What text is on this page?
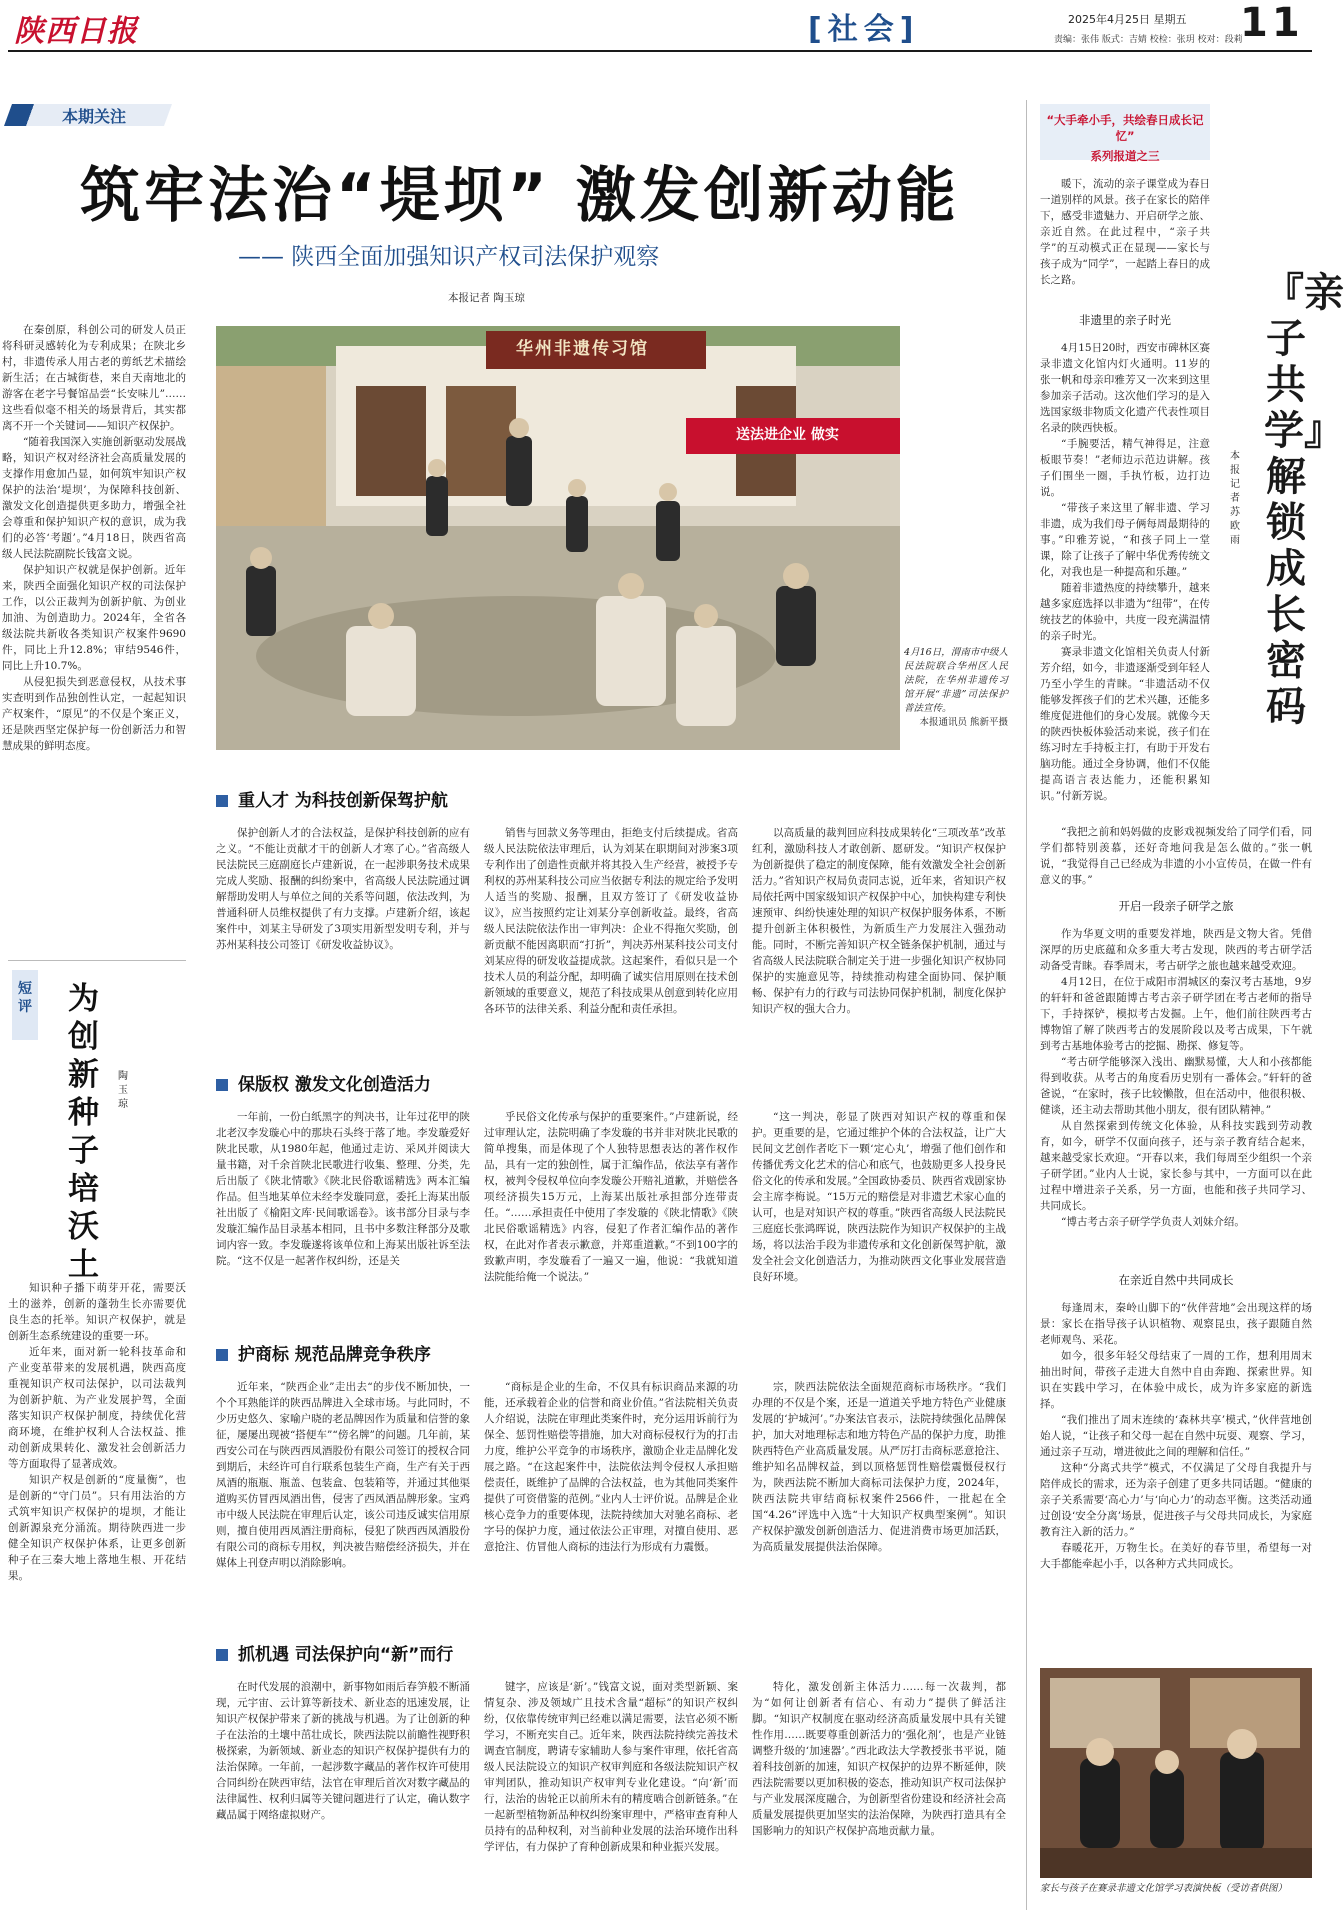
陕西日报	[社会]	2025年4月25日 星期五
责编：张伟 版式：吉婧 校检：张玥 校对：段莉
11
本期关注
筑牢法治“堤坝” 激发创新动能
—— 陕西全面加强知识产权司法保护观察
本报记者 陶玉琼

在秦创原，科创公司的研发人员正将科研灵感转化为专利成果；在陕北乡村，非遗传承人用古老的剪纸艺术描绘新生活；在古城街巷，来自天南地北的游客在老字号餐馆品尝“长安味儿”……这些看似毫不相关的场景背后，其实都离不开一个关键词——知识产权保护。

“随着我国深入实施创新驱动发展战略，知识产权对经济社会高质量发展的支撑作用愈加凸显，如何筑牢知识产权保护的法治‘堤坝’，为保障科技创新、激发文化创造提供更多助力，增强全社会尊重和保护知识产权的意识，成为我们的必答‘考题’。”4月18日，陕西省高级人民法院副院长钱富文说。

保护知识产权就是保护创新。近年来，陕西全面强化知识产权的司法保护工作，以公正裁判为创新护航、为创业加油、为创造助力。2024年，全省各级法院共新收各类知识产权案件9690件，同比上升12.8%；审结9546件，同比上升10.7%。

从侵犯损失到恶意侵权，从技术事实查明到作品独创性认定，一起起知识产权案件，“原见”的不仅是个案正义，还是陕西坚定保护每一份创新活力和智慧成果的鲜明态度。

华州非遗传习馆
送法进企业 做实
4月16日，渭南市中级人民法院联合华州区人民法院，在华州非遗传习馆开展“非遗”司法保护普法宣传。
本报通讯员 熊新平摄
短评 为创新种子培沃土
陶玉琼

知识种子播下萌芽开花，需要沃土的滋养，创新的蓬勃生长亦需要优良生态的托举。知识产权保护，就是创新生态系统建设的重要一环。

近年来，面对新一轮科技革命和产业变革带来的发展机遇，陕西高度重视知识产权司法保护，以司法裁判为创新护航、为产业发展护驾，全面落实知识产权保护制度，持续优化营商环境，在维护权利人合法权益、推动创新成果转化、激发社会创新活力等方面取得了显著成效。

知识产权是创新的“度量衡”，也是创新的“守门员”。只有用法治的方式筑牢知识产权保护的堤坝，才能让创新源泉充分涌流。期待陕西进一步健全知识产权保护体系，让更多创新种子在三秦大地上落地生根、开花结果。

重人才 为科技创新保驾护航

保护创新人才的合法权益，是保护科技创新的应有之义。“不能让贡献才干的创新人才寒了心。”省高级人民法院民三庭副庭长卢建新说，在一起涉职务技术成果完成人奖励、报酬的纠纷案中，省高级人民法院通过调解帮助发明人与单位之间的关系等问题，依法改判，为普通科研人员维权提供了有力支撑。卢建新介绍，该起案件中，刘某主导研发了3项实用新型发明专利，并与苏州某科技公司签订《研发收益协议》。

销售与回款义务等理由，拒绝支付后续提成。省高级人民法院依法审理后，认为刘某在职期间对涉案3项专利作出了创造性贡献并将其投入生产经营，被授予专利权的苏州某科技公司应当依据专利法的规定给予发明人适当的奖励、报酬，且双方签订了《研发收益协议》，应当按照约定让刘某分享创新收益。最终，省高级人民法院依法作出一审判决：企业不得拖欠奖励，创新贡献不能因离职而“打折”，判决苏州某科技公司支付刘某应得的研发收益提成款。这起案件，看似只是一个技术人员的利益分配，却明确了诚实信用原则在技术创新领域的重要意义，规范了科技成果从创意到转化应用各环节的法律关系、利益分配和责任承担。

以高质量的裁判回应科技成果转化“三项改革”改革红利，激励科技人才敢创新、愿研发。“知识产权保护为创新提供了稳定的制度保障，能有效激发全社会创新活力。”省知识产权局负责同志说，近年来，省知识产权局依托两中国家级知识产权保护中心，加快构建专利快速预审、纠纷快速处理的知识产权保护服务体系，不断提升创新主体积极性，为新质生产力发展注入强劲动能。同时，不断完善知识产权全链条保护机制，通过与省高级人民法院联合制定关于进一步强化知识产权协同保护的实施意见等，持续推动构建全面协同、保护顺畅、保护有力的行政与司法协同保护机制，制度化保护知识产权的强大合力。

保版权 激发文化创造活力

一年前，一份白纸黑字的判决书，让年过花甲的陕北老汉李发璇心中的那块石头终于落了地。李发璇爱好陕北民歌，从1980年起，他通过走访、采风并阅读大量书籍，对千余首陕北民歌进行收集、整理、分类，先后出版了《陕北情歌》《陕北民俗歌谣精选》两本汇编作品。但当地某单位未经李发璇同意，委托上海某出版社出版了《榆阳文库·民间歌谣卷》。该书部分目录与李发璇汇编作品目录基本相同，且书中多数注释部分及歌词内容一致。李发璇遂将该单位和上海某出版社诉至法院。“这不仅是一起著作权纠纷，还是关

乎民俗文化传承与保护的重要案件。”卢建新说，经过审理认定，法院明确了李发璇的书并非对陕北民歌的简单搜集，而是体现了个人独特思想表达的著作权作品，具有一定的独创性，属于汇编作品，依法享有著作权，被判令侵权单位向李发璇公开赔礼道歉，并赔偿各项经济损失15万元，上海某出版社承担部分连带责任。“……承担责任中使用了李发璇的《陕北情歌》《陕北民俗歌谣精选》内容，侵犯了作者汇编作品的著作权，在此对作者表示歉意，并郑重道歉。”不到100字的致歉声明，李发璇看了一遍又一遍，他说：“我就知道法院能给俺一个说法。”

“这一判决，彰显了陕西对知识产权的尊重和保护。更重要的是，它通过维护个体的合法权益，让广大民间文艺创作者吃下一颗‘定心丸’，增强了他们创作和传播优秀文化艺术的信心和底气，也鼓励更多人投身民俗文化的传承和发展。”全国政协委员、陕西省戏剧家协会主席李梅说。“15万元的赔偿是对非遗艺术家心血的认可，也是对知识产权的尊重。”陕西省高级人民法院民三庭庭长张鸿晖说，陕西法院作为知识产权保护的主战场，将以法治手段为非遗传承和文化创新保驾护航，激发全社会文化创造活力，为推动陕西文化事业发展营造良好环境。

护商标 规范品牌竞争秩序

近年来，“陕西企业”走出去“的步伐不断加快，一个个耳熟能详的陕西品牌进入全球市场。与此同时，不少历史悠久、家喻户晓的老品牌因作为质量和信誉的象征，屡屡出现被“搭便车”“傍名牌”的问题。几年前，某西安公司在与陕西西凤酒股份有限公司签订的授权合同到期后，未经许可自行联系包装生产商，生产有关于西凤酒的瓶瓶、瓶盖、包装盒、包装箱等，并通过其他渠道购买仿冒西凤酒出售，侵害了西凤酒品牌形象。宝鸡市中级人民法院在审理后认定，该公司违反诚实信用原则，擅自使用西凤酒注册商标，侵犯了陕西西凤酒股份有限公司的商标专用权，判决被告赔偿经济损失，并在媒体上刊登声明以消除影响。

“商标是企业的生命，不仅具有标识商品来源的功能，还承载着企业的信誉和商业价值。”省法院相关负责人介绍说，法院在审理此类案件时，充分运用诉前行为保全、惩罚性赔偿等措施，加大对商标侵权行为的打击力度，维护公平竞争的市场秩序，激励企业走品牌化发展之路。“在这起案件中，法院依法判令侵权人承担赔偿责任，既维护了品牌的合法权益，也为其他同类案件提供了可资借鉴的范例。”业内人士评价说。品牌是企业核心竞争力的重要体现，法院持续加大对驰名商标、老字号的保护力度，通过依法公正审理，对擅自使用、恶意抢注、仿冒他人商标的违法行为形成有力震慑。

宗，陕西法院依法全面规范商标市场秩序。“我们办理的不仅是个案，还是一道道关乎地方特色产业健康发展的‘护城河’。”办案法官表示，法院持续强化品牌保护，加大对地理标志和地方特色产品的保护力度，助推陕西特色产业高质量发展。从严厉打击商标恶意抢注、维护知名品牌权益，到以顶格惩罚性赔偿震慑侵权行为，陕西法院不断加大商标司法保护力度，2024年，陕西法院共审结商标权案件2566件，一批起在全国“4.26”评选中入选“十大知识产权典型案例”。知识产权保护激发创新创造活力、促进消费市场更加活跃，为高质量发展提供法治保障。

抓机遇 司法保护向“新”而行

在时代发展的浪潮中，新事物如雨后春笋般不断涌现，元宇宙、云计算等新技术、新业态的迅速发展，让知识产权保护带来了新的挑战与机遇。为了让创新的种子在法治的土壤中茁壮成长，陕西法院以前瞻性视野积极探索，为新领域、新业态的知识产权保护提供有力的法治保障。一年前，一起涉数字藏品的著作权许可使用合同纠纷在陕西审结，法官在审理后首次对数字藏品的法律属性、权利归属等关键问题进行了认定，确认数字藏品属于网络虚拟财产。

键字，应该是‘新’。”钱富文说，面对类型新颖、案情复杂、涉及领域广且技术含量“超标”的知识产权纠纷，仅依靠传统审判已经难以满足需要，法官必须不断学习，不断充实自己。近年来，陕西法院持续完善技术调查官制度，聘请专家辅助人参与案件审理，依托省高级人民法院设立的知识产权审判庭和各级法院知识产权审判团队，推动知识产权审判专业化建设。“向‘新’而行，法治的齿轮正以前所未有的精度啮合创新链条。”在一起新型植物新品种权纠纷案审理中，严格审查育种人员持有的品种权利，对当前种业发展的法治环境作出科学评估，有力保护了育种创新成果和种业振兴发展。

特化，激发创新主体活力……每一次裁判，都为“如何让创新者有信心、有动力”提供了鲜活注脚。“知识产权制度在驱动经济高质量发展中具有关键性作用……既要尊重创新活力的‘强化剂’，也是产业链调整升级的‘加速器’。”西北政法大学教授张书平说，随着科技创新的加速，知识产权保护的边界不断延伸，陕西法院需要以更加积极的姿态，推动知识产权司法保护与产业发展深度融合，为创新型省份建设和经济社会高质量发展提供更加坚实的法治保障，为陕西打造具有全国影响力的知识产权保护高地贡献力量。

“大手牵小手，共绘春日成长记忆”
系列报道之三
『亲子共学』解锁成长密码
本报记者 苏欧雨

暖下，流动的亲子课堂成为春日一道别样的风景。孩子在家长的陪伴下，感受非遗魅力、开启研学之旅、亲近自然。在此过程中，“亲子共学”的互动模式正在显现——家长与孩子成为“同学”，一起踏上春日的成长之路。

非遗里的亲子时光

4月15日20时，西安市碑林区赛录非遗文化馆内灯火通明。11岁的张一帆和母亲印雅芳又一次来到这里参加亲子活动。这次他们学习的是入选国家级非物质文化遗产代表性项目名录的陕西快板。

“手腕要活，精气神得足，注意板眼节奏！”老师边示范边讲解。孩子们围坐一圈，手执竹板，边打边说。

“带孩子来这里了解非遗、学习非遗，成为我们母子俩每周最期待的事。”印雅芳说，“和孩子同上一堂课，除了让孩子了解中华优秀传统文化，对我也是一种提高和乐趣。”

随着非遗热度的持续攀升，越来越多家庭选择以非遗为“纽带”，在传统技艺的体验中，共度一段充满温情的亲子时光。

赛录非遗文化馆相关负责人付新芳介绍，如今，非遗逐渐受到年轻人乃至小学生的青睐。“非遗活动不仅能够发挥孩子们的艺术兴趣，还能多维度促进他们的身心发展。就像今天的陕西快板体验活动来说，孩子们在练习时左手持板主打，有助于开发右脑功能。通过全身协调，他们不仅能提高语言表达能力，还能积累知识。”付新芳说。

“我把之前和妈妈做的皮影戏视频发给了同学们看，同学们都特别羡慕，还好奇地问我是怎么做的。”张一帆说，“我觉得自己已经成为非遗的小小宣传员，在做一件有意义的事。”

开启一段亲子研学之旅

作为华夏文明的重要发祥地，陕西是文物大省。凭借深厚的历史底蕴和众多重大考古发现，陕西的考古研学活动备受青睐。春季周末，考古研学之旅也越来越受欢迎。

4月12日，在位于咸阳市渭城区的秦汉考古基地，9岁的轩轩和爸爸跟随博古考古亲子研学团在考古老师的指导下，手持探铲，模拟考古发掘。上午，他们前往陕西考古博物馆了解了陕西考古的发展阶段以及考古成果，下午就到考古基地体验考古的挖掘、勘探、修复等。

“考古研学能够深入浅出、幽默易懂，大人和小孩都能得到收获。从考古的角度看历史别有一番体会。”轩轩的爸爸说，“在家时，孩子比较懒散，但在活动中，他很积极、健谈，还主动去帮助其他小朋友，很有团队精神。”

从自然探索到传统文化体验，从科技实践到劳动教育，如今，研学不仅面向孩子，还与亲子教育结合起来，越来越受家长欢迎。“开春以来，我们每周至少组织一个亲子研学团。”业内人士说，家长参与其中，一方面可以在此过程中增进亲子关系，另一方面，也能和孩子共同学习、共同成长。

“博古考古亲子研学学负责人刘妹介绍。

在亲近自然中共同成长

每逢周末，秦岭山脚下的“伙伴营地”会出现这样的场景：家长在指导孩子认识植物、观察昆虫，孩子跟随自然老师观鸟、采花。

如今，很多年轻父母结束了一周的工作，想利用周末抽出时间，带孩子走进大自然中自由奔跑、探索世界。知识在实践中学习，在体验中成长，成为许多家庭的新选择。

“我们推出了周末连续的‘森林共享’模式，”伙伴营地创始人说，“让孩子和父母一起在自然中玩耍、观察、学习，通过亲子互动，增进彼此之间的理解和信任。”

这种“分离式共学”模式，不仅满足了父母自我提升与陪伴成长的需求，还为亲子创建了更多共同话题。“健康的亲子关系需要‘高心力’与‘向心力’的动态平衡。这类活动通过创设‘安全分离’场景，促进孩子与父母共同成长，为家庭教育注入新的活力。”

春暖花开，万物生长。在美好的春节里，希望每一对大手都能牵起小手，以各种方式共同成长。

家长与孩子在赛录非遗文化馆学习表演快板（受访者供图）
